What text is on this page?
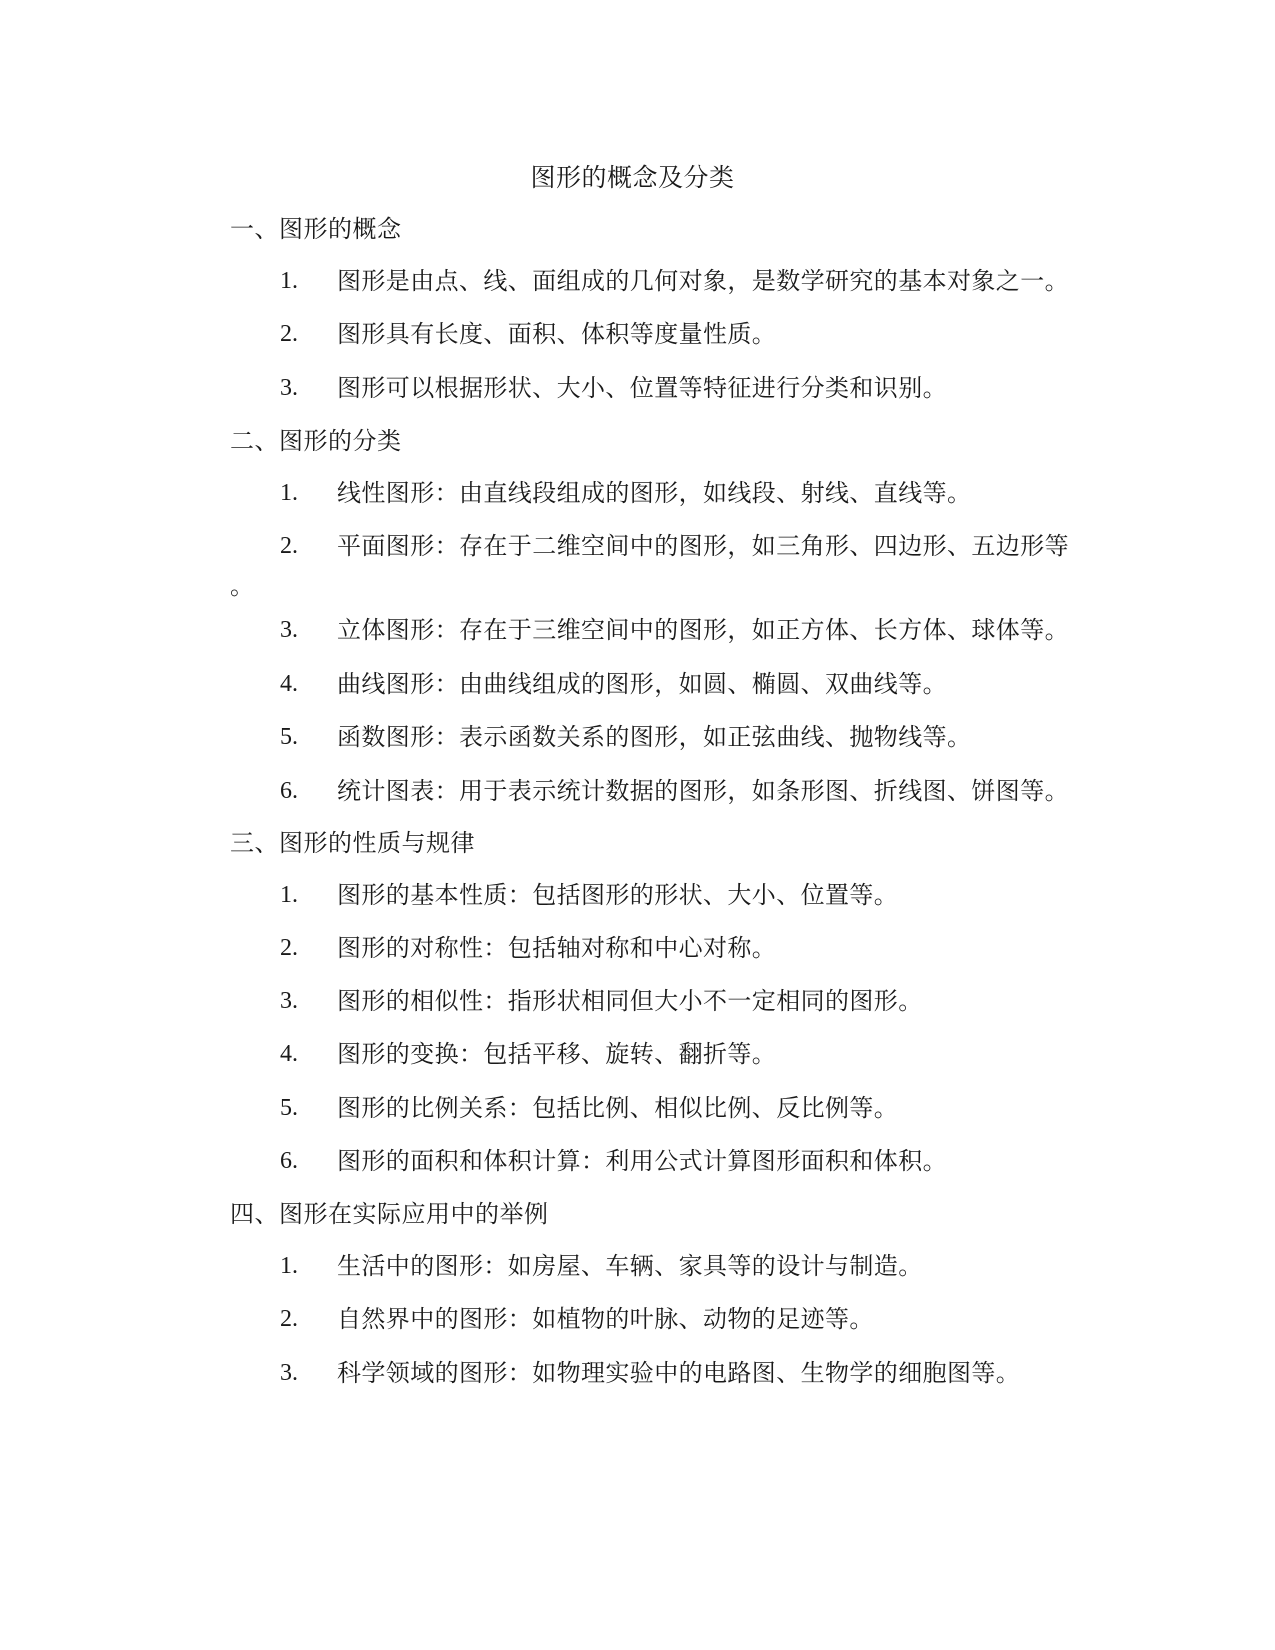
图形的概念及分类
一、图形的概念
1.	图形是由点、线、面组成的几何对象，是数学研究的基本对象之一。
2.	图形具有长度、面积、体积等度量性质。
3.	图形可以根据形状、大小、位置等特征进行分类和识别。
二、图形的分类
1.	线性图形：由直线段组成的图形，如线段、射线、直线等。
2.	平面图形：存在于二维空间中的图形，如三角形、四边形、五边形等
。
3.	立体图形：存在于三维空间中的图形，如正方体、长方体、球体等。
4.	曲线图形：由曲线组成的图形，如圆、椭圆、双曲线等。
5.	函数图形：表示函数关系的图形，如正弦曲线、抛物线等。
6.	统计图表：用于表示统计数据的图形，如条形图、折线图、饼图等。
三、图形的性质与规律
1.	图形的基本性质：包括图形的形状、大小、位置等。
2.	图形的对称性：包括轴对称和中心对称。
3.	图形的相似性：指形状相同但大小不一定相同的图形。
4.	图形的变换：包括平移、旋转、翻折等。
5.	图形的比例关系：包括比例、相似比例、反比例等。
6.	图形的面积和体积计算：利用公式计算图形面积和体积。
四、图形在实际应用中的举例
1.	生活中的图形：如房屋、车辆、家具等的设计与制造。
2.	自然界中的图形：如植物的叶脉、动物的足迹等。
3.	科学领域的图形：如物理实验中的电路图、生物学的细胞图等。
